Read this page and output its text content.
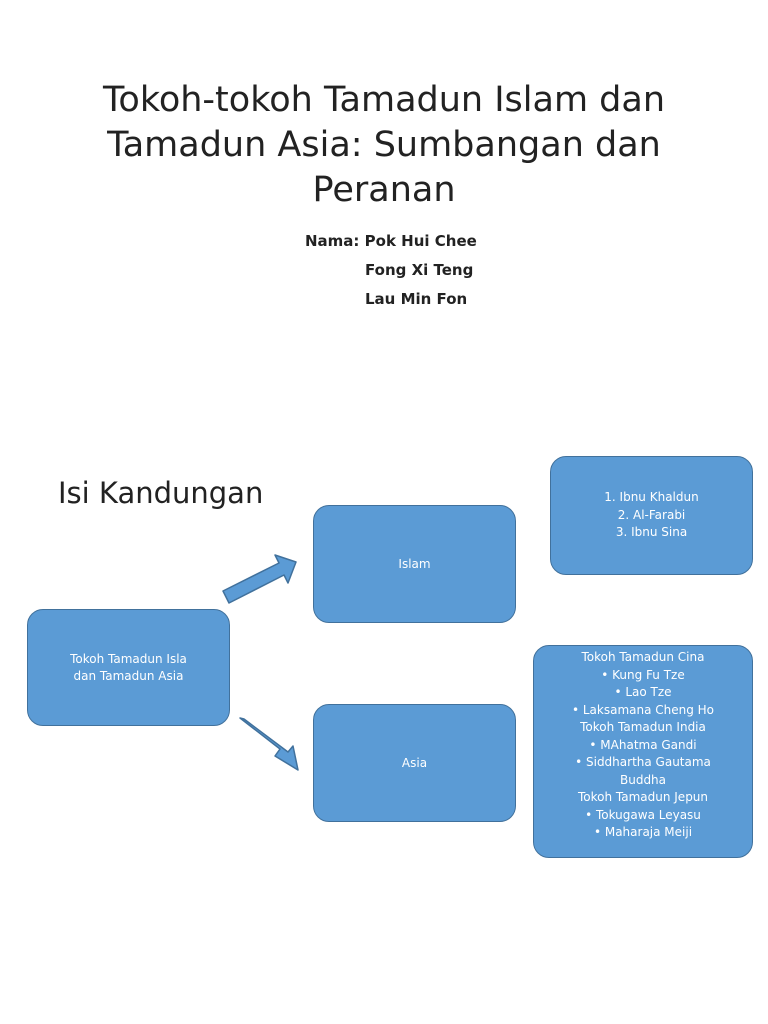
Tokoh-tokoh Tamadun Islam dan
Tamadun Asia: Sumbangan dan
Peranan
Nama: Pok Hui Chee
Fong Xi Teng
Lau Min Fon
Isi Kandungan
Tokoh Tamadun Isla dan Tamadun Asia
Islam
Asia
1. Ibnu Khaldun
2. Al-Farabi
3. Ibnu Sina
Tokoh Tamadun Cina
• Kung Fu Tze
• Lao Tze
• Laksamana Cheng Ho
Tokoh Tamadun India
• MAhatma Gandi
• Siddhartha Gautama
Buddha
Tokoh Tamadun Jepun
• Tokugawa Leyasu
• Maharaja Meiji
